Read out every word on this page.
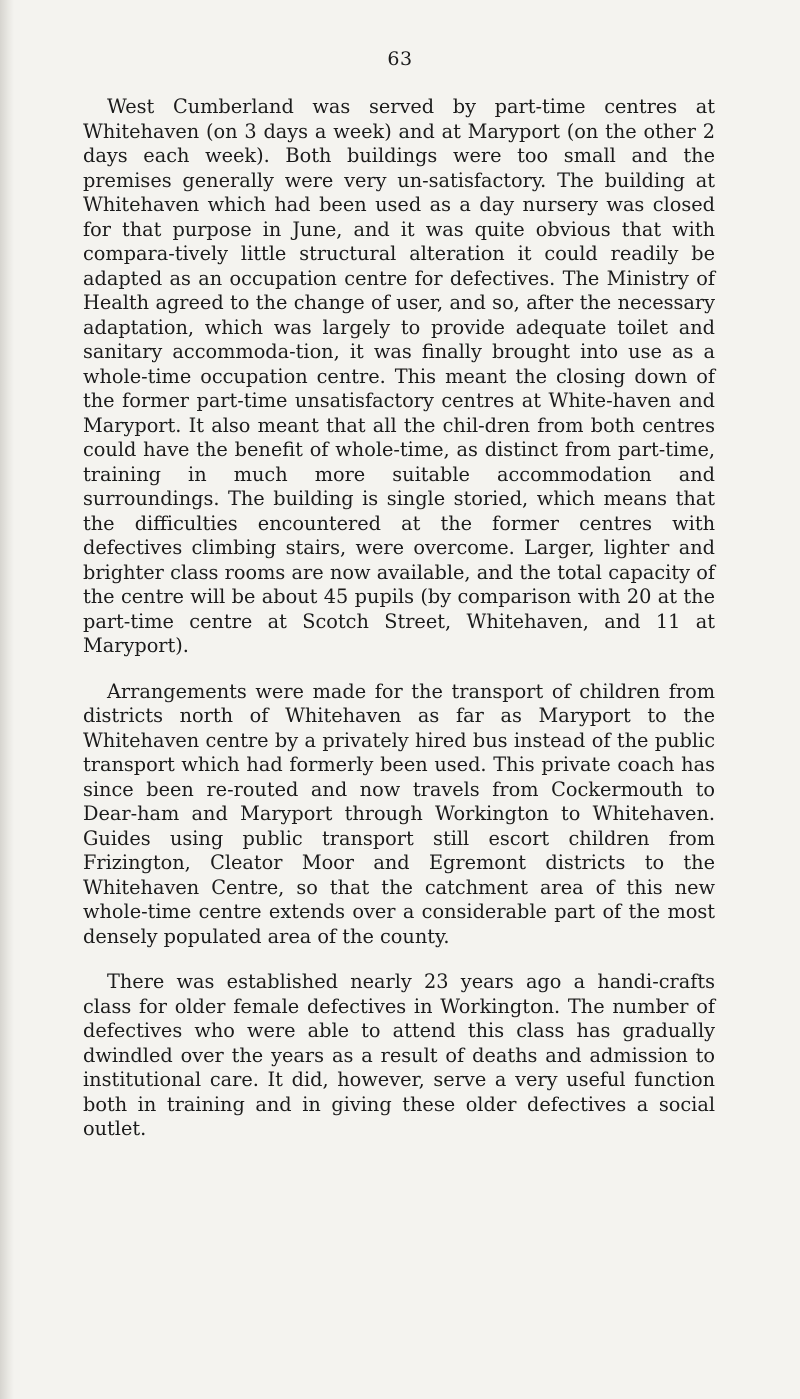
63

West Cumberland was served by part-time centres at Whitehaven (on 3 days a week) and at Maryport (on the other 2 days each week). Both buildings were too small and the premises generally were very un-satisfactory. The building at Whitehaven which had been used as a day nursery was closed for that purpose in June, and it was quite obvious that with compara-tively little structural alteration it could readily be adapted as an occupation centre for defectives. The Ministry of Health agreed to the change of user, and so, after the necessary adaptation, which was largely to provide adequate toilet and sanitary accommoda-tion, it was finally brought into use as a whole-time occupation centre. This meant the closing down of the former part-time unsatisfactory centres at White-haven and Maryport. It also meant that all the chil-dren from both centres could have the benefit of whole-time, as distinct from part-time, training in much more suitable accommodation and surroundings. The building is single storied, which means that the difficulties encountered at the former centres with defectives climbing stairs, were overcome. Larger, lighter and brighter class rooms are now available, and the total capacity of the centre will be about 45 pupils (by comparison with 20 at the part-time centre at Scotch Street, Whitehaven, and 11 at Maryport).

Arrangements were made for the transport of children from districts north of Whitehaven as far as Maryport to the Whitehaven centre by a privately hired bus instead of the public transport which had formerly been used. This private coach has since been re-routed and now travels from Cockermouth to Dear-ham and Maryport through Workington to Whitehaven. Guides using public transport still escort children from Frizington, Cleator Moor and Egremont districts to the Whitehaven Centre, so that the catchment area of this new whole-time centre extends over a considerable part of the most densely populated area of the county.

There was established nearly 23 years ago a handi-crafts class for older female defectives in Workington. The number of defectives who were able to attend this class has gradually dwindled over the years as a result of deaths and admission to institutional care. It did, however, serve a very useful function both in training and in giving these older defectives a social outlet.
